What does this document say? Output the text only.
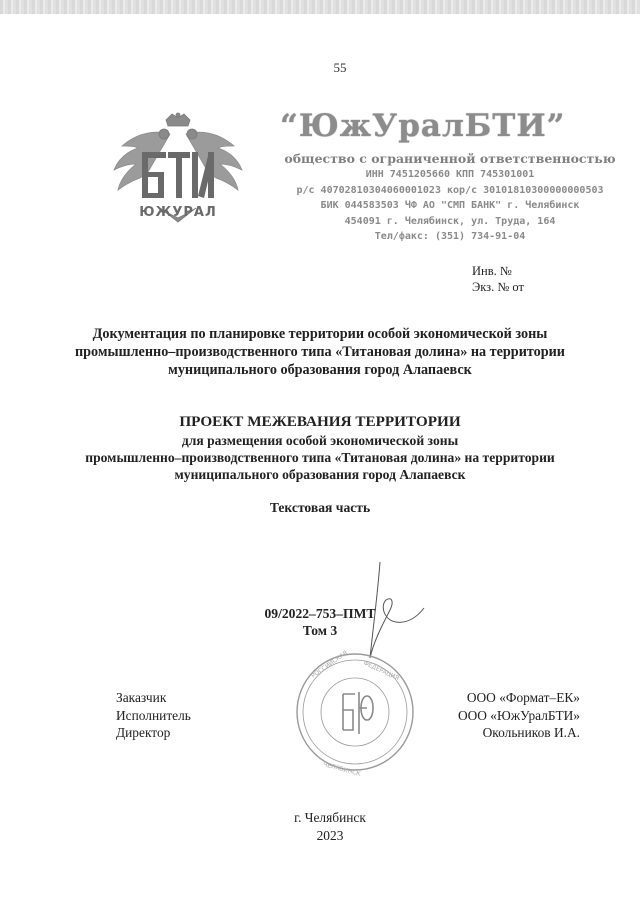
55
ЮЖУРАЛ
“ЮжУралБТИ”
общество с ограниченной ответственностью
ИНН 7451205660 КПП 745301001
р/с 40702810304060001023 кор/с 30101810300000000503
БИК 044583503 ЧФ АО "СМП БАНК" г. Челябинск
454091 г. Челябинск, ул. Труда, 164
Тел/факс: (351) 734-91-04
Инв. №
Экз. № от
Документация по планировке территории особой экономической зоны
промышленно–производственного типа «Титановая долина» на территории
муниципального образования город Алапаевск
ПРОЕКТ МЕЖЕВАНИЯ ТЕРРИТОРИИ
для размещения особой экономической зоны
промышленно–производственного типа «Титановая долина» на территории
муниципального образования город Алапаевск
Текстовая часть
09/2022–753–ПМТ
Том 3
РОССИЙСКАЯ ФЕДЕРАЦИЯ
ЧЕЛЯБИНСК
Заказчик
Исполнитель
Директор
ООО «Формат–ЕК»
ООО «ЮжУралБТИ»
Окольников И.А.
г. Челябинск
2023
